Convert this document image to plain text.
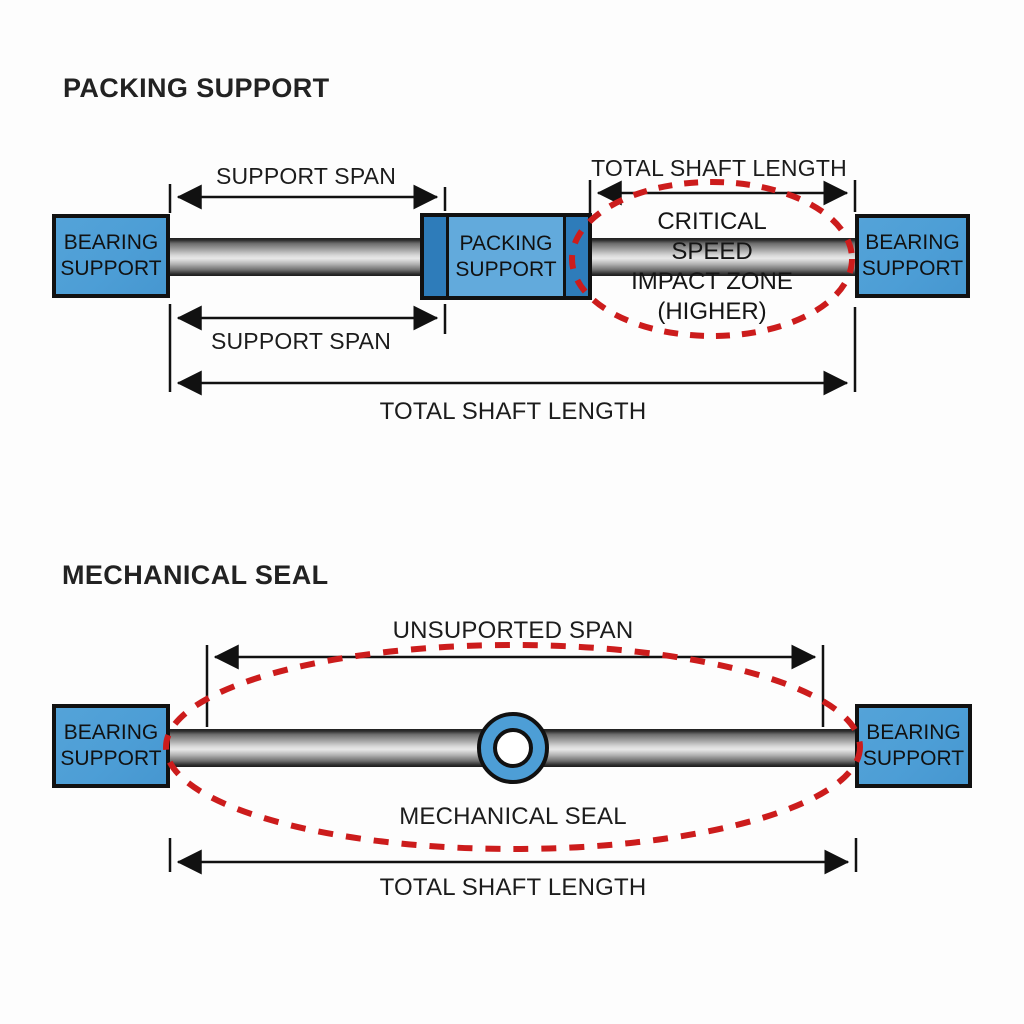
PACKING SUPPORT
BEARING
SUPPORT
PACKING
SUPPORT
BEARING
SUPPORT
SUPPORT SPAN	TOTAL SHAFT LENGTH
SUPPORT SPAN
TOTAL SHAFT LENGTH
CRITICAL
SPEED
IMPACT ZONE
(HIGHER)
MECHANICAL SEAL
BEARING
SUPPORT
BEARING
SUPPORT
UNSUPORTED SPAN
MECHANICAL SEAL
TOTAL SHAFT LENGTH
